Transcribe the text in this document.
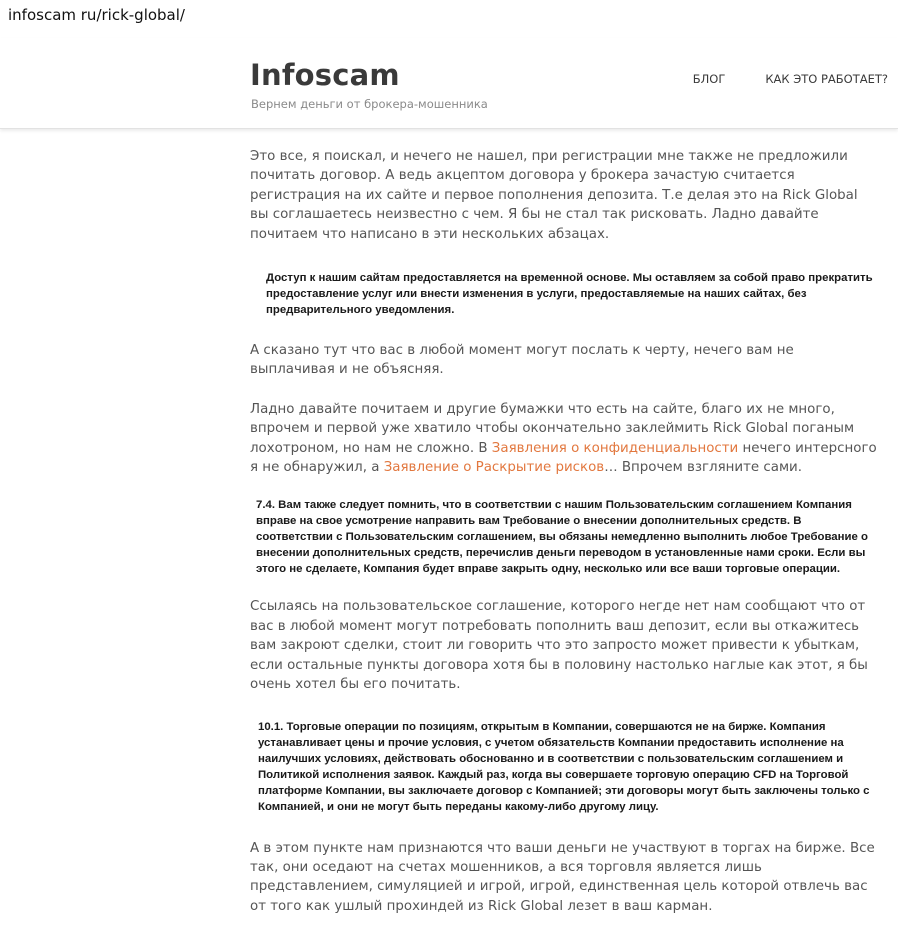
infoscam ru/rick-global/
Infoscam
Вернем деньги от брокера-мошенника
БЛОГ	КАК ЭТО РАБОТАЕТ?

Это все, я поискал, и нечего не нашел, при регистрации мне также не предложили почитать договор. А ведь акцептом договора у брокера зачастую считается регистрация на их сайте и первое пополнения депозита. Т.е делая это на Rick Global вы соглашаетесь неизвестно с чем. Я бы не стал так рисковать. Ладно давайте почитаем что написано в эти нескольких абзацах.

Доступ к нашим сайтам предоставляется на временной основе. Мы оставляем за собой право прекратить предоставление услуг или внести изменения в услуги, предоставляемые на наших сайтах, без предварительного уведомления.

А сказано тут что вас в любой момент могут послать к черту, нечего вам не выплачивая и не объясняя.

Ладно давайте почитаем и другие бумажки что есть на сайте, благо их не много, впрочем и первой уже хватило чтобы окончательно заклеймить Rick Global поганым лохотроном, но нам не сложно. В Заявления о конфиденциальности нечего интерсного я не обнаружил, а Заявление о Раскрытие рисков… Впрочем взгляните сами.

7.4. Вам также следует помнить, что в соответствии с нашим Пользовательским соглашением Компания вправе на свое усмотрение направить вам Требование о внесении дополнительных средств. В соответствии с Пользовательским соглашением, вы обязаны немедленно выполнить любое Требование о внесении дополнительных средств, перечислив деньги переводом в установленные нами сроки. Если вы этого не сделаете, Компания будет вправе закрыть одну, несколько или все ваши торговые операции.

Ссылаясь на пользовательское соглашение, которого негде нет нам сообщают что от вас в любой момент могут потребовать пополнить ваш депозит, если вы откажитесь вам закроют сделки, стоит ли говорить что это запросто может привести к убыткам, если остальные пункты договора хотя бы в половину настолько наглые как этот, я бы очень хотел бы его почитать.

10.1. Торговые операции по позициям, открытым в Компании, совершаются не на бирже. Компания устанавливает цены и прочие условия, с учетом обязательств Компании предоставить исполнение на наилучших условиях, действовать обоснованно и в соответствии с пользовательским соглашением и Политикой исполнения заявок. Каждый раз, когда вы совершаете торговую операцию CFD на Торговой платформе Компании, вы заключаете договор с Компанией; эти договоры могут быть заключены только с Компанией, и они не могут быть переданы какому-либо другому лицу.

А в этом пункте нам признаются что ваши деньги не участвуют в торгах на бирже. Все так, они оседают на счетах мошенников, а вся торговля является лишь представлением, симуляцией и игрой, игрой, единственная цель которой отвлечь вас от того как ушлый прохиндей из Rick Global лезет в ваш карман.
